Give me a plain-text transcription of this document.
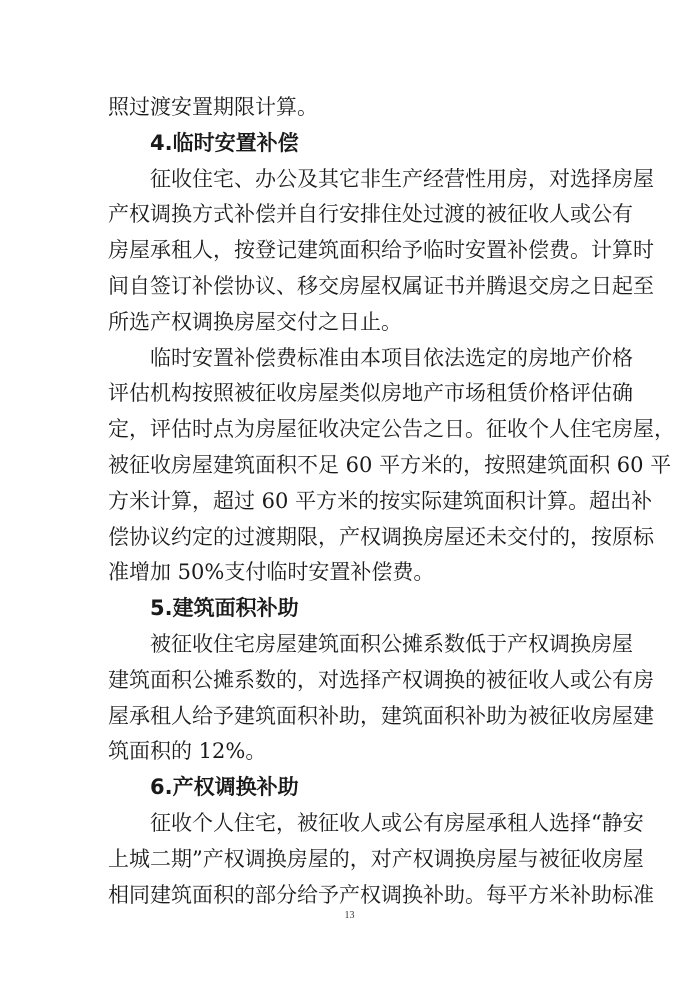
照过渡安置期限计算。
4.临时安置补偿
征收住宅、办公及其它非生产经营性用房，对选择房屋
产权调换方式补偿并自行安排住处过渡的被征收人或公有
房屋承租人，按登记建筑面积给予临时安置补偿费。计算时
间自签订补偿协议、移交房屋权属证书并腾退交房之日起至
所选产权调换房屋交付之日止。
临时安置补偿费标准由本项目依法选定的房地产价格
评估机构按照被征收房屋类似房地产市场租赁价格评估确
定，评估时点为房屋征收决定公告之日。征收个人住宅房屋，
被征收房屋建筑面积不足 60 平方米的，按照建筑面积 60 平
方米计算，超过 60 平方米的按实际建筑面积计算。超出补
偿协议约定的过渡期限，产权调换房屋还未交付的，按原标
准增加 50%支付临时安置补偿费。
5.建筑面积补助
被征收住宅房屋建筑面积公摊系数低于产权调换房屋
建筑面积公摊系数的，对选择产权调换的被征收人或公有房
屋承租人给予建筑面积补助，建筑面积补助为被征收房屋建
筑面积的 12%。
6.产权调换补助
征收个人住宅，被征收人或公有房屋承租人选择“静安
上城二期”产权调换房屋的，对产权调换房屋与被征收房屋
相同建筑面积的部分给予产权调换补助。每平方米补助标准
13
